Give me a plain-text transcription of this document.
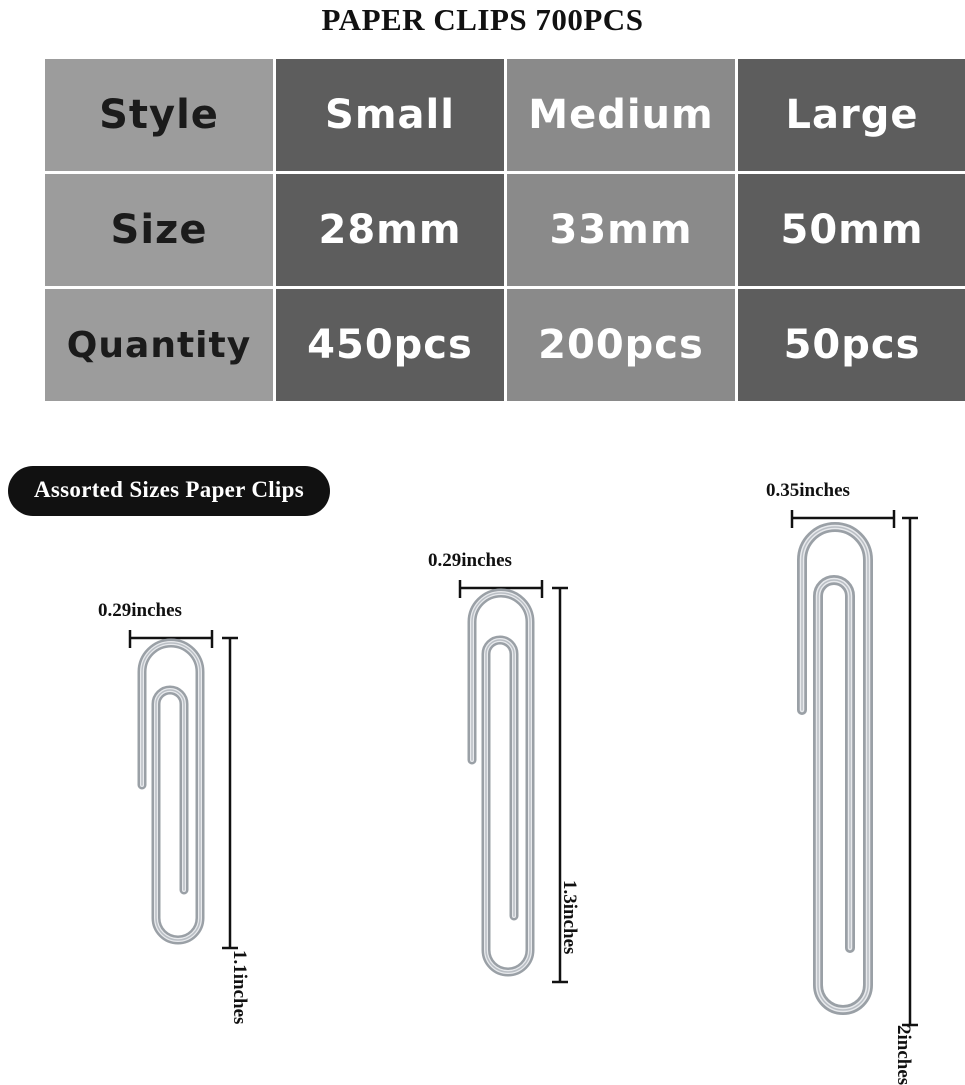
PAPER CLIPS 700PCS
Style	Small	Medium	Large
Size	28mm	33mm	50mm
Quantity	450pcs	200pcs	50pcs
Assorted Sizes Paper Clips
0.29inches
1.1inches
0.29inches
1.3inches
0.35inches
2inches
